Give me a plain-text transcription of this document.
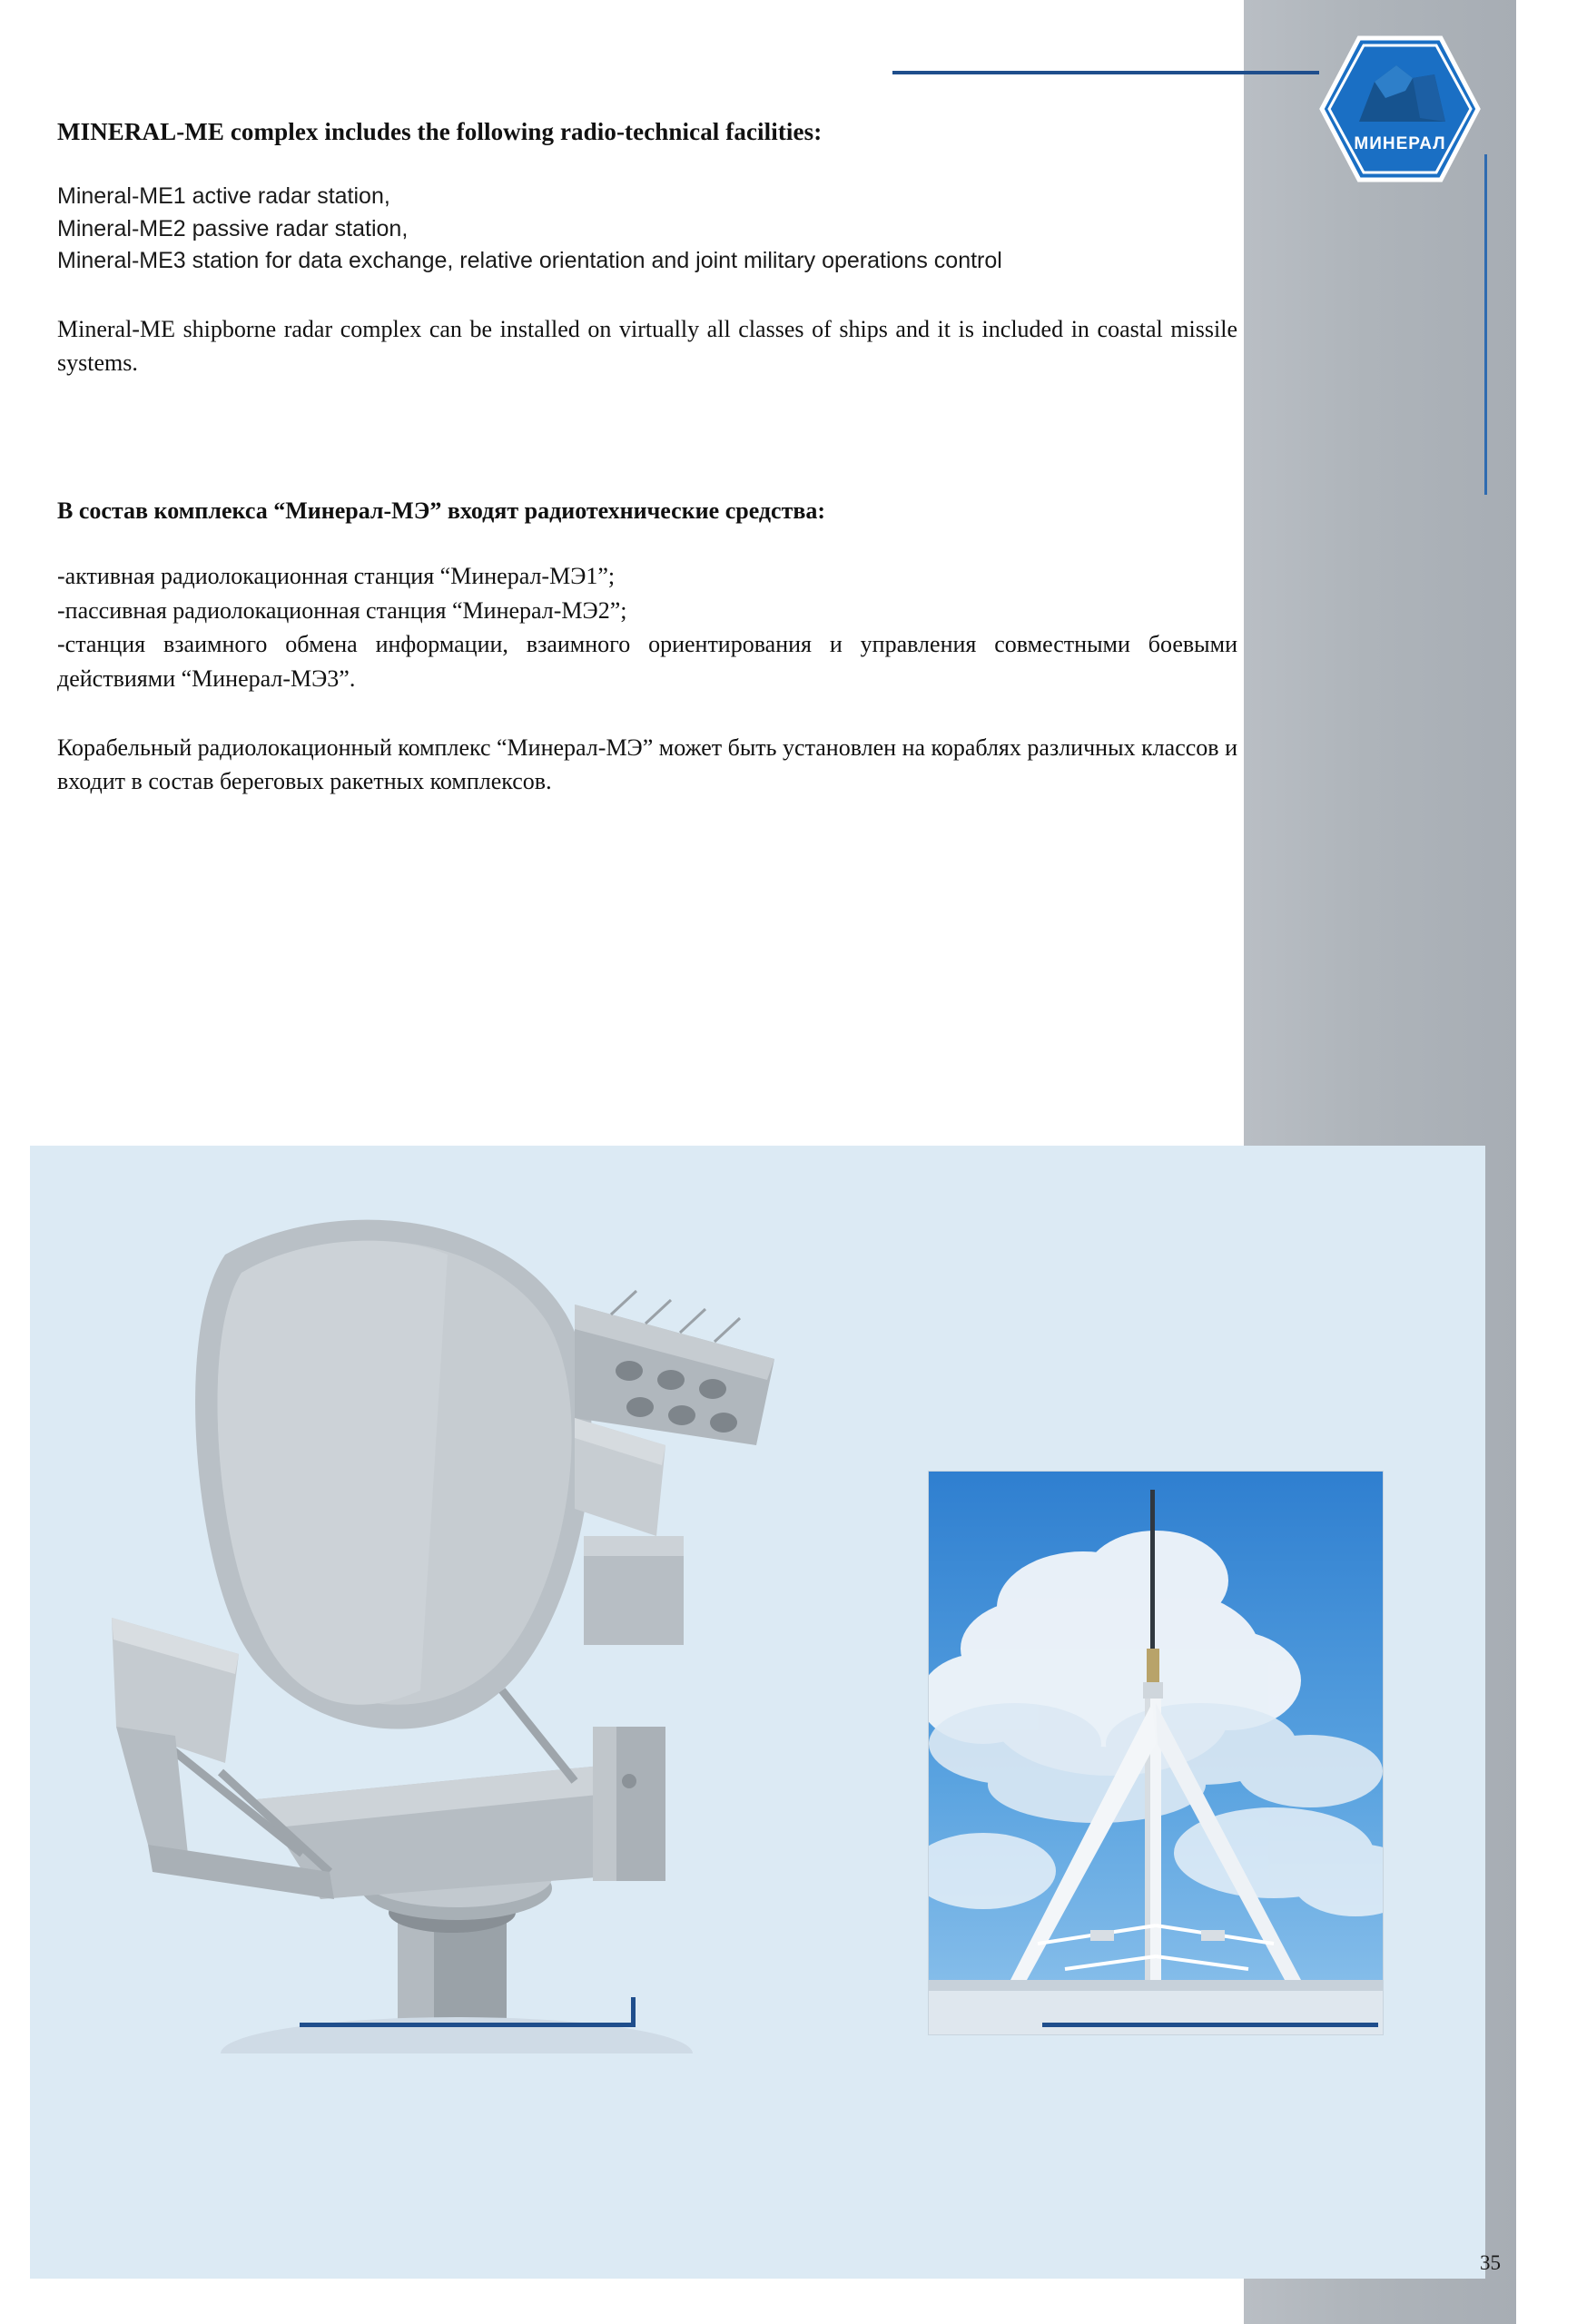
МИНЕРАЛ
MINERAL-ME complex includes the following radio-technical facilities:

Mineral-ME1 active radar station,

Mineral-ME2 passive radar station,

Mineral-ME3 station for data exchange, relative orientation and joint military operations control

Mineral-ME shipborne radar complex can be installed on virtually all classes of ships and it is included in coastal missile systems.

В состав комплекса “Минерал-МЭ” входят радиотехнические средства:

-активная радиолокационная станция “Минерал-МЭ1”;

-пассивная радиолокационная станция “Минерал-МЭ2”;

-станция взаимного обмена информации, взаимного ориентирования и управления совместными боевыми действиями “Минерал-МЭ3”.

Корабельный радиолокационный комплекс “Минерал-МЭ” может быть установлен на кораблях различных классов и входит в состав береговых ракетных комплексов.

35
